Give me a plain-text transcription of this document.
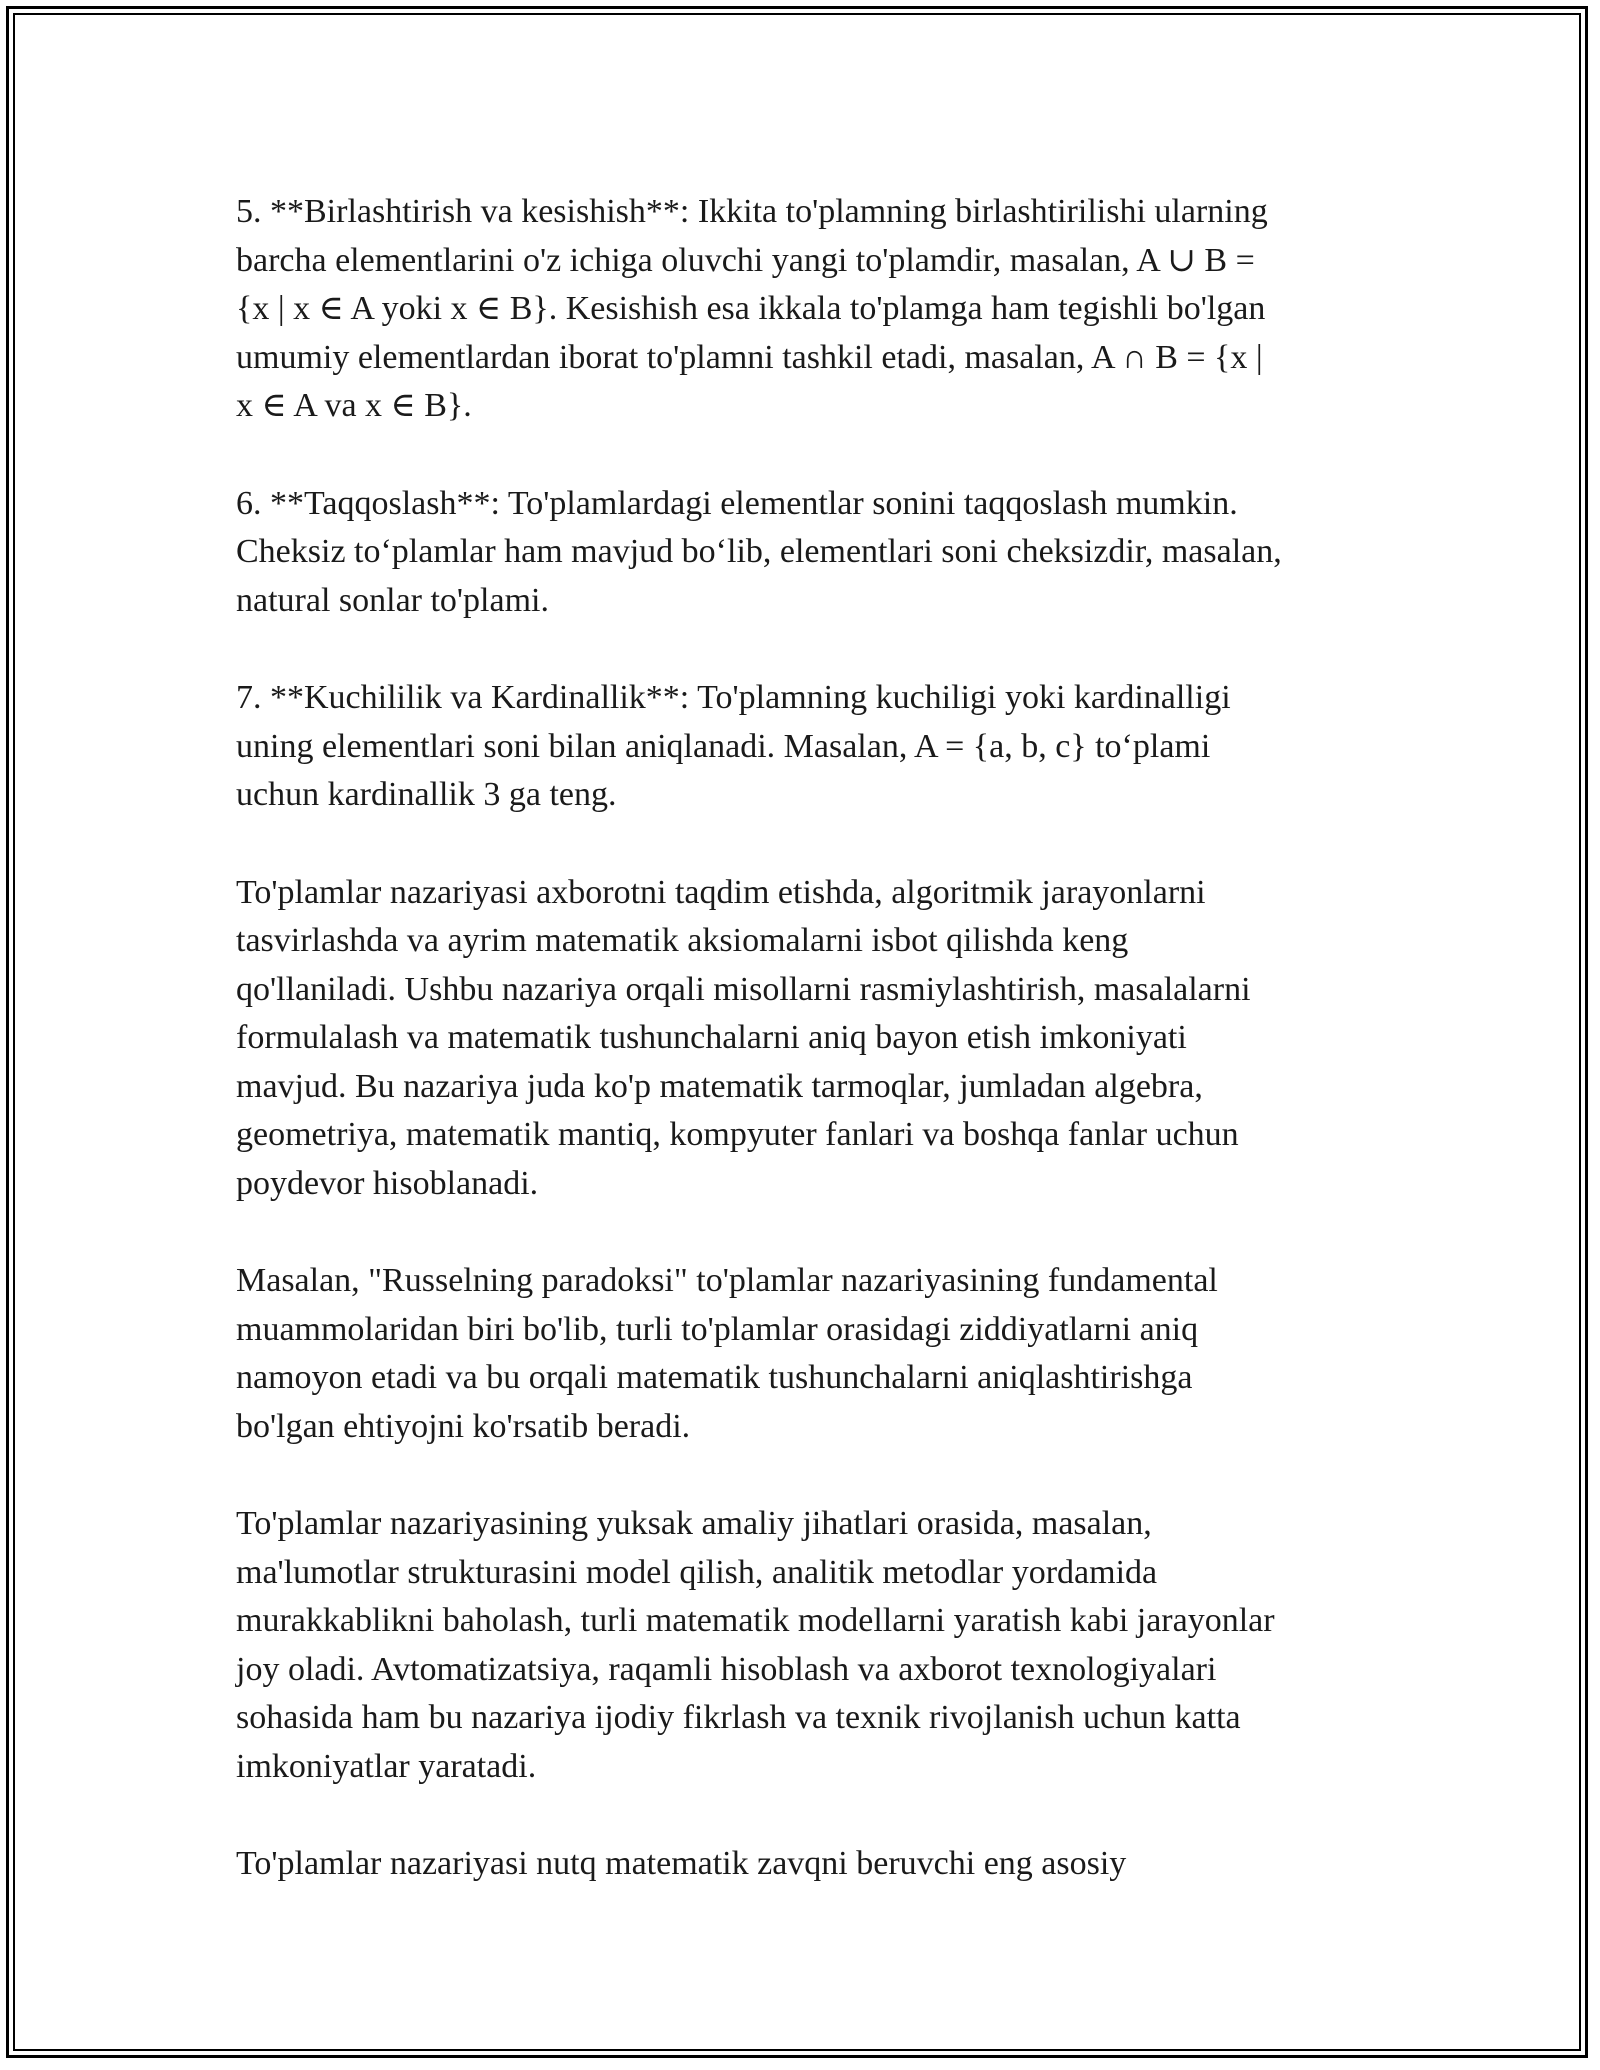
5. **Birlashtirish va kesishish**: Ikkita to'plamning birlashtirilishi ularning
barcha elementlarini o'z ichiga oluvchi yangi to'plamdir, masalan, A ∪ B =
{x | x ∈ A yoki x ∈ B}. Kesishish esa ikkala to'plamga ham tegishli bo'lgan
umumiy elementlardan iborat to'plamni tashkil etadi, masalan, A ∩ B = {x |
x ∈ A va x ∈ B}.

6. **Taqqoslash**: To'plamlardagi elementlar sonini taqqoslash mumkin.
Cheksiz to‘plamlar ham mavjud bo‘lib, elementlari soni cheksizdir, masalan,
natural sonlar to'plami.

7. **Kuchililik va Kardinallik**: To'plamning kuchiligi yoki kardinalligi
uning elementlari soni bilan aniqlanadi. Masalan, A = {a, b, c} to‘plami
uchun kardinallik 3 ga teng.

To'plamlar nazariyasi axborotni taqdim etishda, algoritmik jarayonlarni
tasvirlashda va ayrim matematik aksiomalarni isbot qilishda keng
qo'llaniladi. Ushbu nazariya orqali misollarni rasmiylashtirish, masalalarni
formulalash va matematik tushunchalarni aniq bayon etish imkoniyati
mavjud. Bu nazariya juda ko'p matematik tarmoqlar, jumladan algebra,
geometriya, matematik mantiq, kompyuter fanlari va boshqa fanlar uchun
poydevor hisoblanadi.

Masalan, "Russelning paradoksi" to'plamlar nazariyasining fundamental
muammolaridan biri bo'lib, turli to'plamlar orasidagi ziddiyatlarni aniq
namoyon etadi va bu orqali matematik tushunchalarni aniqlashtirishga
bo'lgan ehtiyojni ko'rsatib beradi.

To'plamlar nazariyasining yuksak amaliy jihatlari orasida, masalan,
ma'lumotlar strukturasini model qilish, analitik metodlar yordamida
murakkablikni baholash, turli matematik modellarni yaratish kabi jarayonlar
joy oladi. Avtomatizatsiya, raqamli hisoblash va axborot texnologiyalari
sohasida ham bu nazariya ijodiy fikrlash va texnik rivojlanish uchun katta
imkoniyatlar yaratadi.

To'plamlar nazariyasi nutq matematik zavqni beruvchi eng asosiy
